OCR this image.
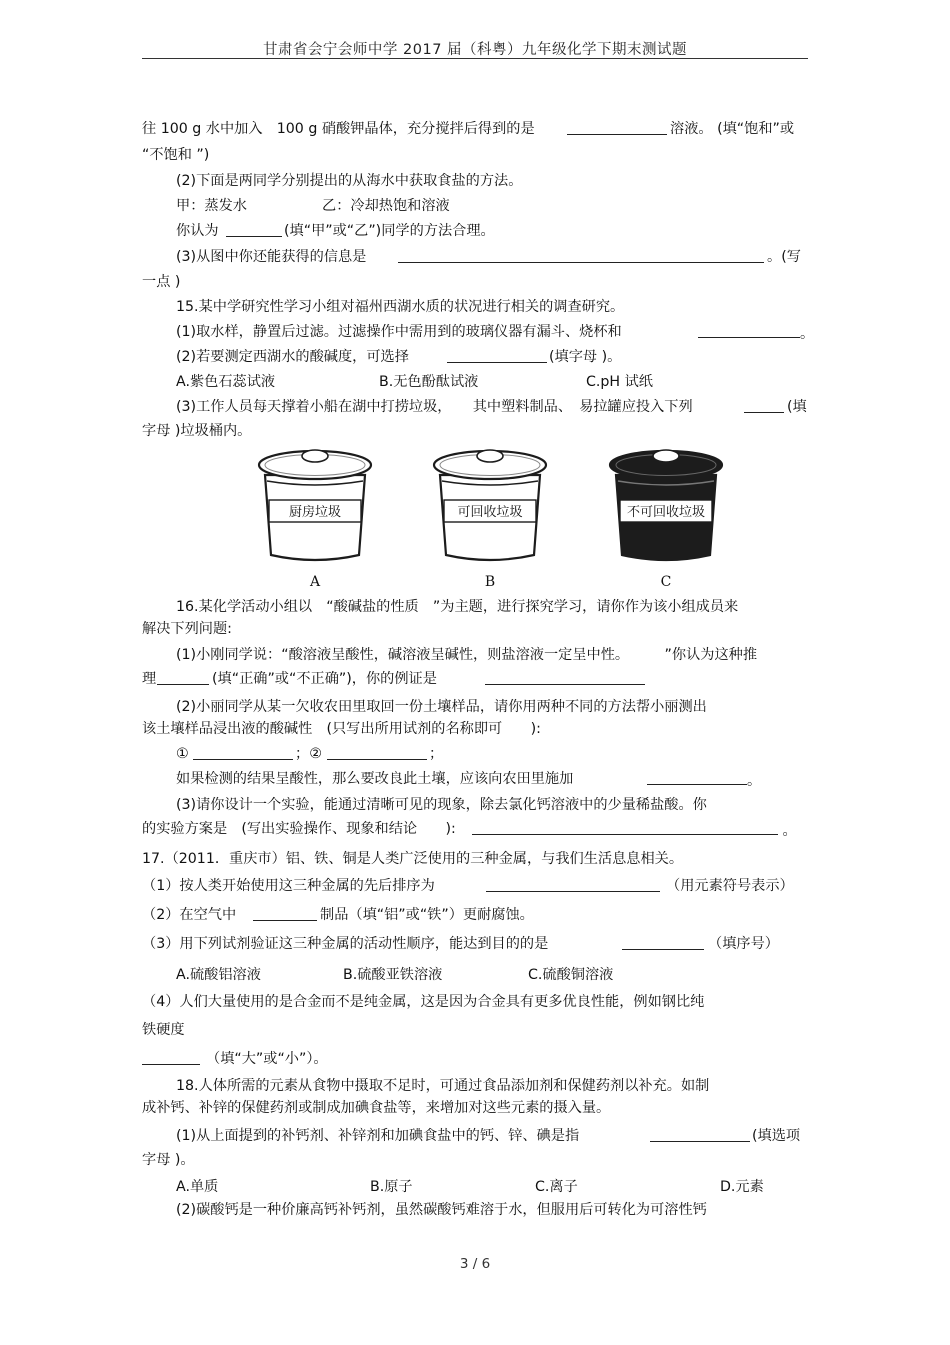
甘肃省会宁会师中学 2017 届（科粤）九年级化学下期末测试题
往 100 g 水中加入　100 g 硝酸钾晶体，充分搅拌后得到的是	溶液。 (填“饱和”或
“不饱和 ”)
(2)下面是两同学分别提出的从海水中获取食盐的方法。
甲：蒸发水	乙：冷却热饱和溶液
你认为	(填“甲”或“乙”)同学的方法合理。
(3)从图中你还能获得的信息是	。(写
一点 )
15.某中学研究性学习小组对福州西湖水质的状况进行相关的调查研究。
(1)取水样，静置后过滤。过滤操作中需用到的玻璃仪器有漏斗、烧杯和	。
(2)若要测定西湖水的酸碱度，可选择	(填字母 )。
A.紫色石蕊试液	B.无色酚酞试液	C.pH 试纸
(3)工作人员每天撑着小船在湖中打捞垃圾，　　其中塑料制品、　易拉罐应投入下列	(填
字母 )垃圾桶内。
厨房垃圾
A
可回收垃圾
B
不可回收垃圾
C
16.某化学活动小组以　“酸碱盐的性质　”为主题，进行探究学习，请你作为该小组成员来
解决下列问题:
(1)小刚同学说：“酸溶液呈酸性，碱溶液呈碱性，则盐溶液一定呈中性。　　　”你认为这种推
理	(填“正确”或“不正确”)，你的例证是
(2)小丽同学从某一欠收农田里取回一份土壤样品，请你用两种不同的方法帮小丽测出
该土壤样品浸出液的酸碱性　(只写出所用试剂的名称即可　　):
①	；②	；
如果检测的结果呈酸性，那么要改良此土壤，应该向农田里施加	。
(3)请你设计一个实验，能通过清晰可见的现象，除去氯化钙溶液中的少量稀盐酸。你
的实验方案是　(写出实验操作、现象和结论　　):	。
17.（2011．重庆市）铝、铁、铜是人类广泛使用的三种金属，与我们生活息息相关。
（1）按人类开始使用这三种金属的先后排序为	（用元素符号表示）
（2）在空气中	制品（填“铝”或“铁”）更耐腐蚀。
（3）用下列试剂验证这三种金属的活动性顺序，能达到目的的是	（填序号）
A.硫酸铝溶液	B.硫酸亚铁溶液	C.硫酸铜溶液
（4）人们大量使用的是合金而不是纯金属，这是因为合金具有更多优良性能，例如钢比纯
铁硬度
（填“大”或“小”）。
18.人体所需的元素从食物中摄取不足时，可通过食品添加剂和保健药剂以补充。如制
成补钙、补锌的保健药剂或制成加碘食盐等，来增加对这些元素的摄入量。
(1)从上面提到的补钙剂、补锌剂和加碘食盐中的钙、锌、碘是指	(填选项
字母 )。
A.单质	B.原子	C.离子	D.元素
(2)碳酸钙是一种价廉高钙补钙剂，虽然碳酸钙难溶于水，但服用后可转化为可溶性钙
3 / 6
